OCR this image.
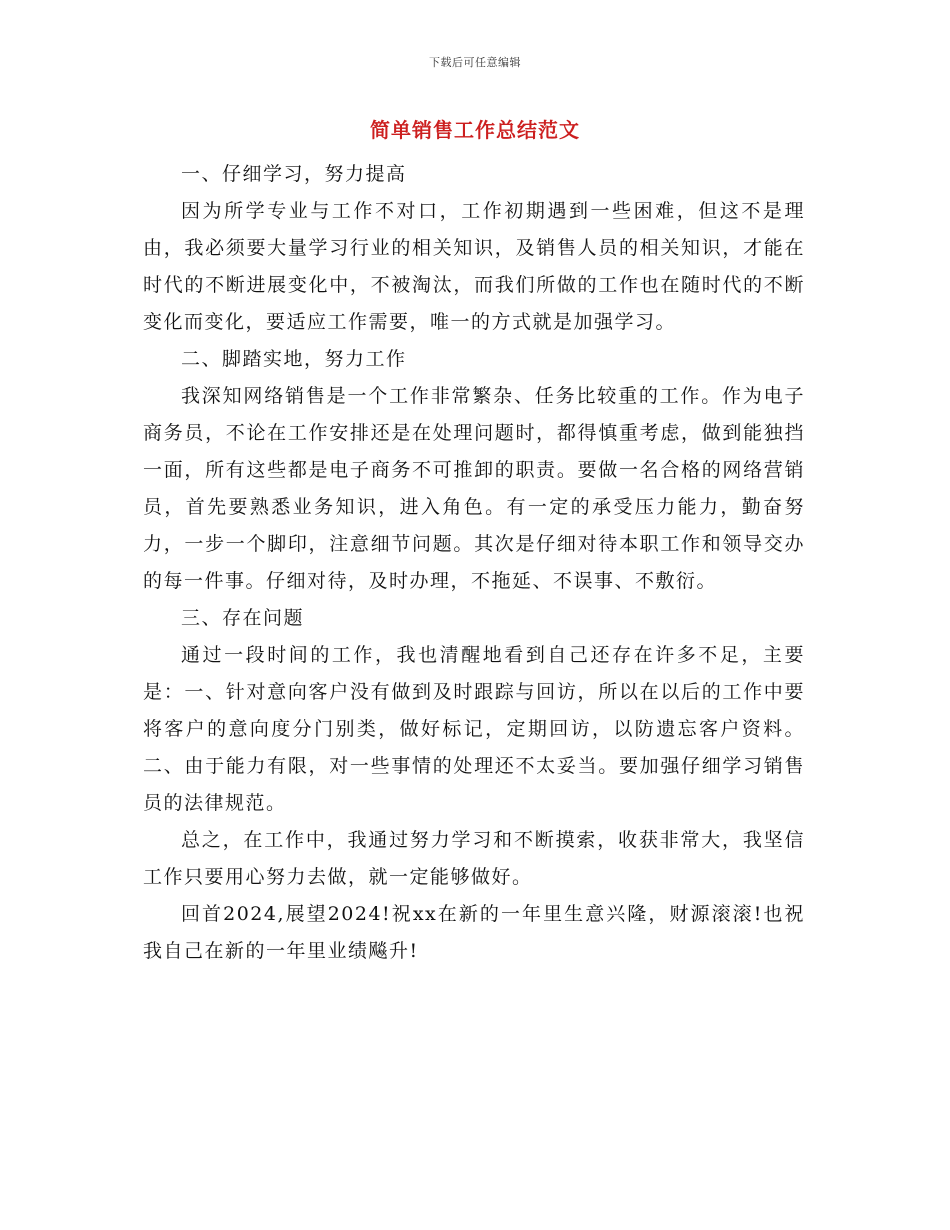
下载后可任意编辑
简单销售工作总结范文

一、仔细学习，努力提高

因为所学专业与工作不对口，工作初期遇到一些困难，但这不是理由，我必须要大量学习行业的相关知识，及销售人员的相关知识，才能在时代的不断进展变化中，不被淘汰，而我们所做的工作也在随时代的不断变化而变化，要适应工作需要，唯一的方式就是加强学习。

二、脚踏实地，努力工作

我深知网络销售是一个工作非常繁杂、任务比较重的工作。作为电子商务员，不论在工作安排还是在处理问题时，都得慎重考虑，做到能独挡一面，所有这些都是电子商务不可推卸的职责。要做一名合格的网络营销员，首先要熟悉业务知识，进入角色。有一定的承受压力能力，勤奋努力，一步一个脚印，注意细节问题。其次是仔细对待本职工作和领导交办的每一件事。仔细对待，及时办理，不拖延、不误事、不敷衍。

三、存在问题

通过一段时间的工作，我也清醒地看到自己还存在许多不足，主要是：一、针对意向客户没有做到及时跟踪与回访，所以在以后的工作中要将客户的意向度分门别类，做好标记，定期回访，以防遗忘客户资料。二、由于能力有限，对一些事情的处理还不太妥当。要加强仔细学习销售员的法律规范。

总之，在工作中，我通过努力学习和不断摸索，收获非常大，我坚信工作只要用心努力去做，就一定能够做好。

回首2024,展望2024!祝xx在新的一年里生意兴隆，财源滚滚!也祝我自己在新的一年里业绩飚升!
